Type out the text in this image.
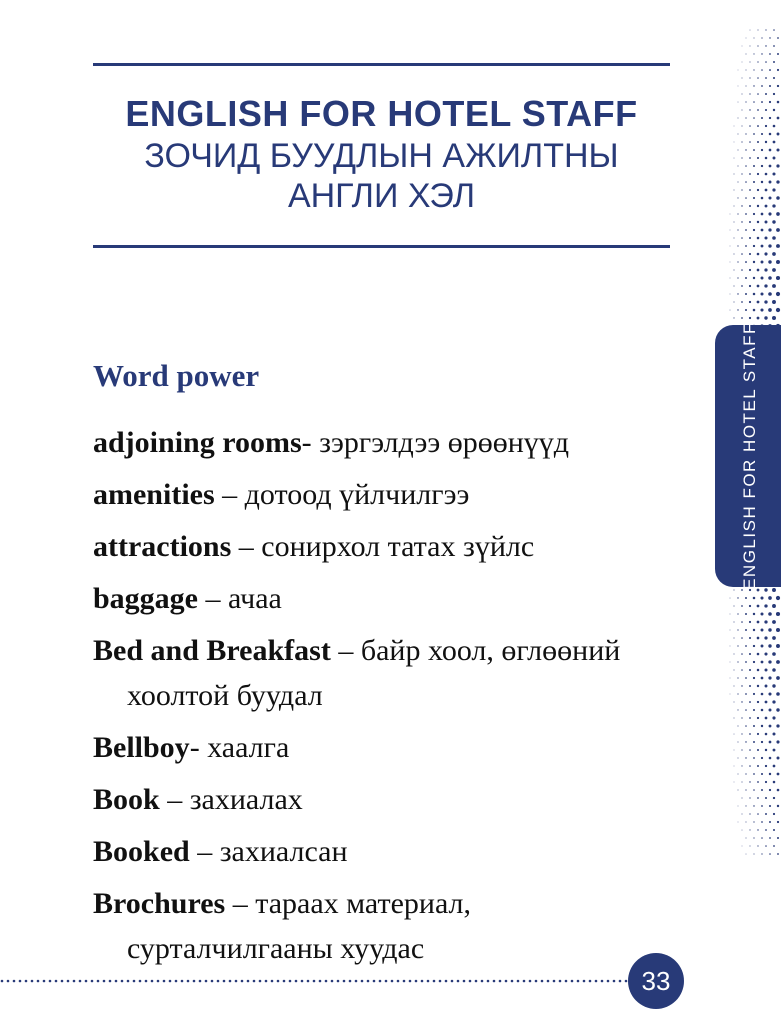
ENGLISH FOR HOTEL STAFF
ЗОЧИД БУУДЛЫН АЖИЛТНЫ
АНГЛИ ХЭЛ
Word power
adjoining rooms- зэргэлдээ өрөөнүүд
amenities – дотоод үйлчилгээ
attractions – сонирхол татах зүйлс
baggage – ачаа
Bed and Breakfast – байр хоол, өглөөний хоолтой буудал
Bellboy- хаалга
Book – захиалах
Booked – захиалсан
Brochures – тараах материал, сурталчилгааны хуудас
ENGLISH FOR HOTEL STAFF
33
